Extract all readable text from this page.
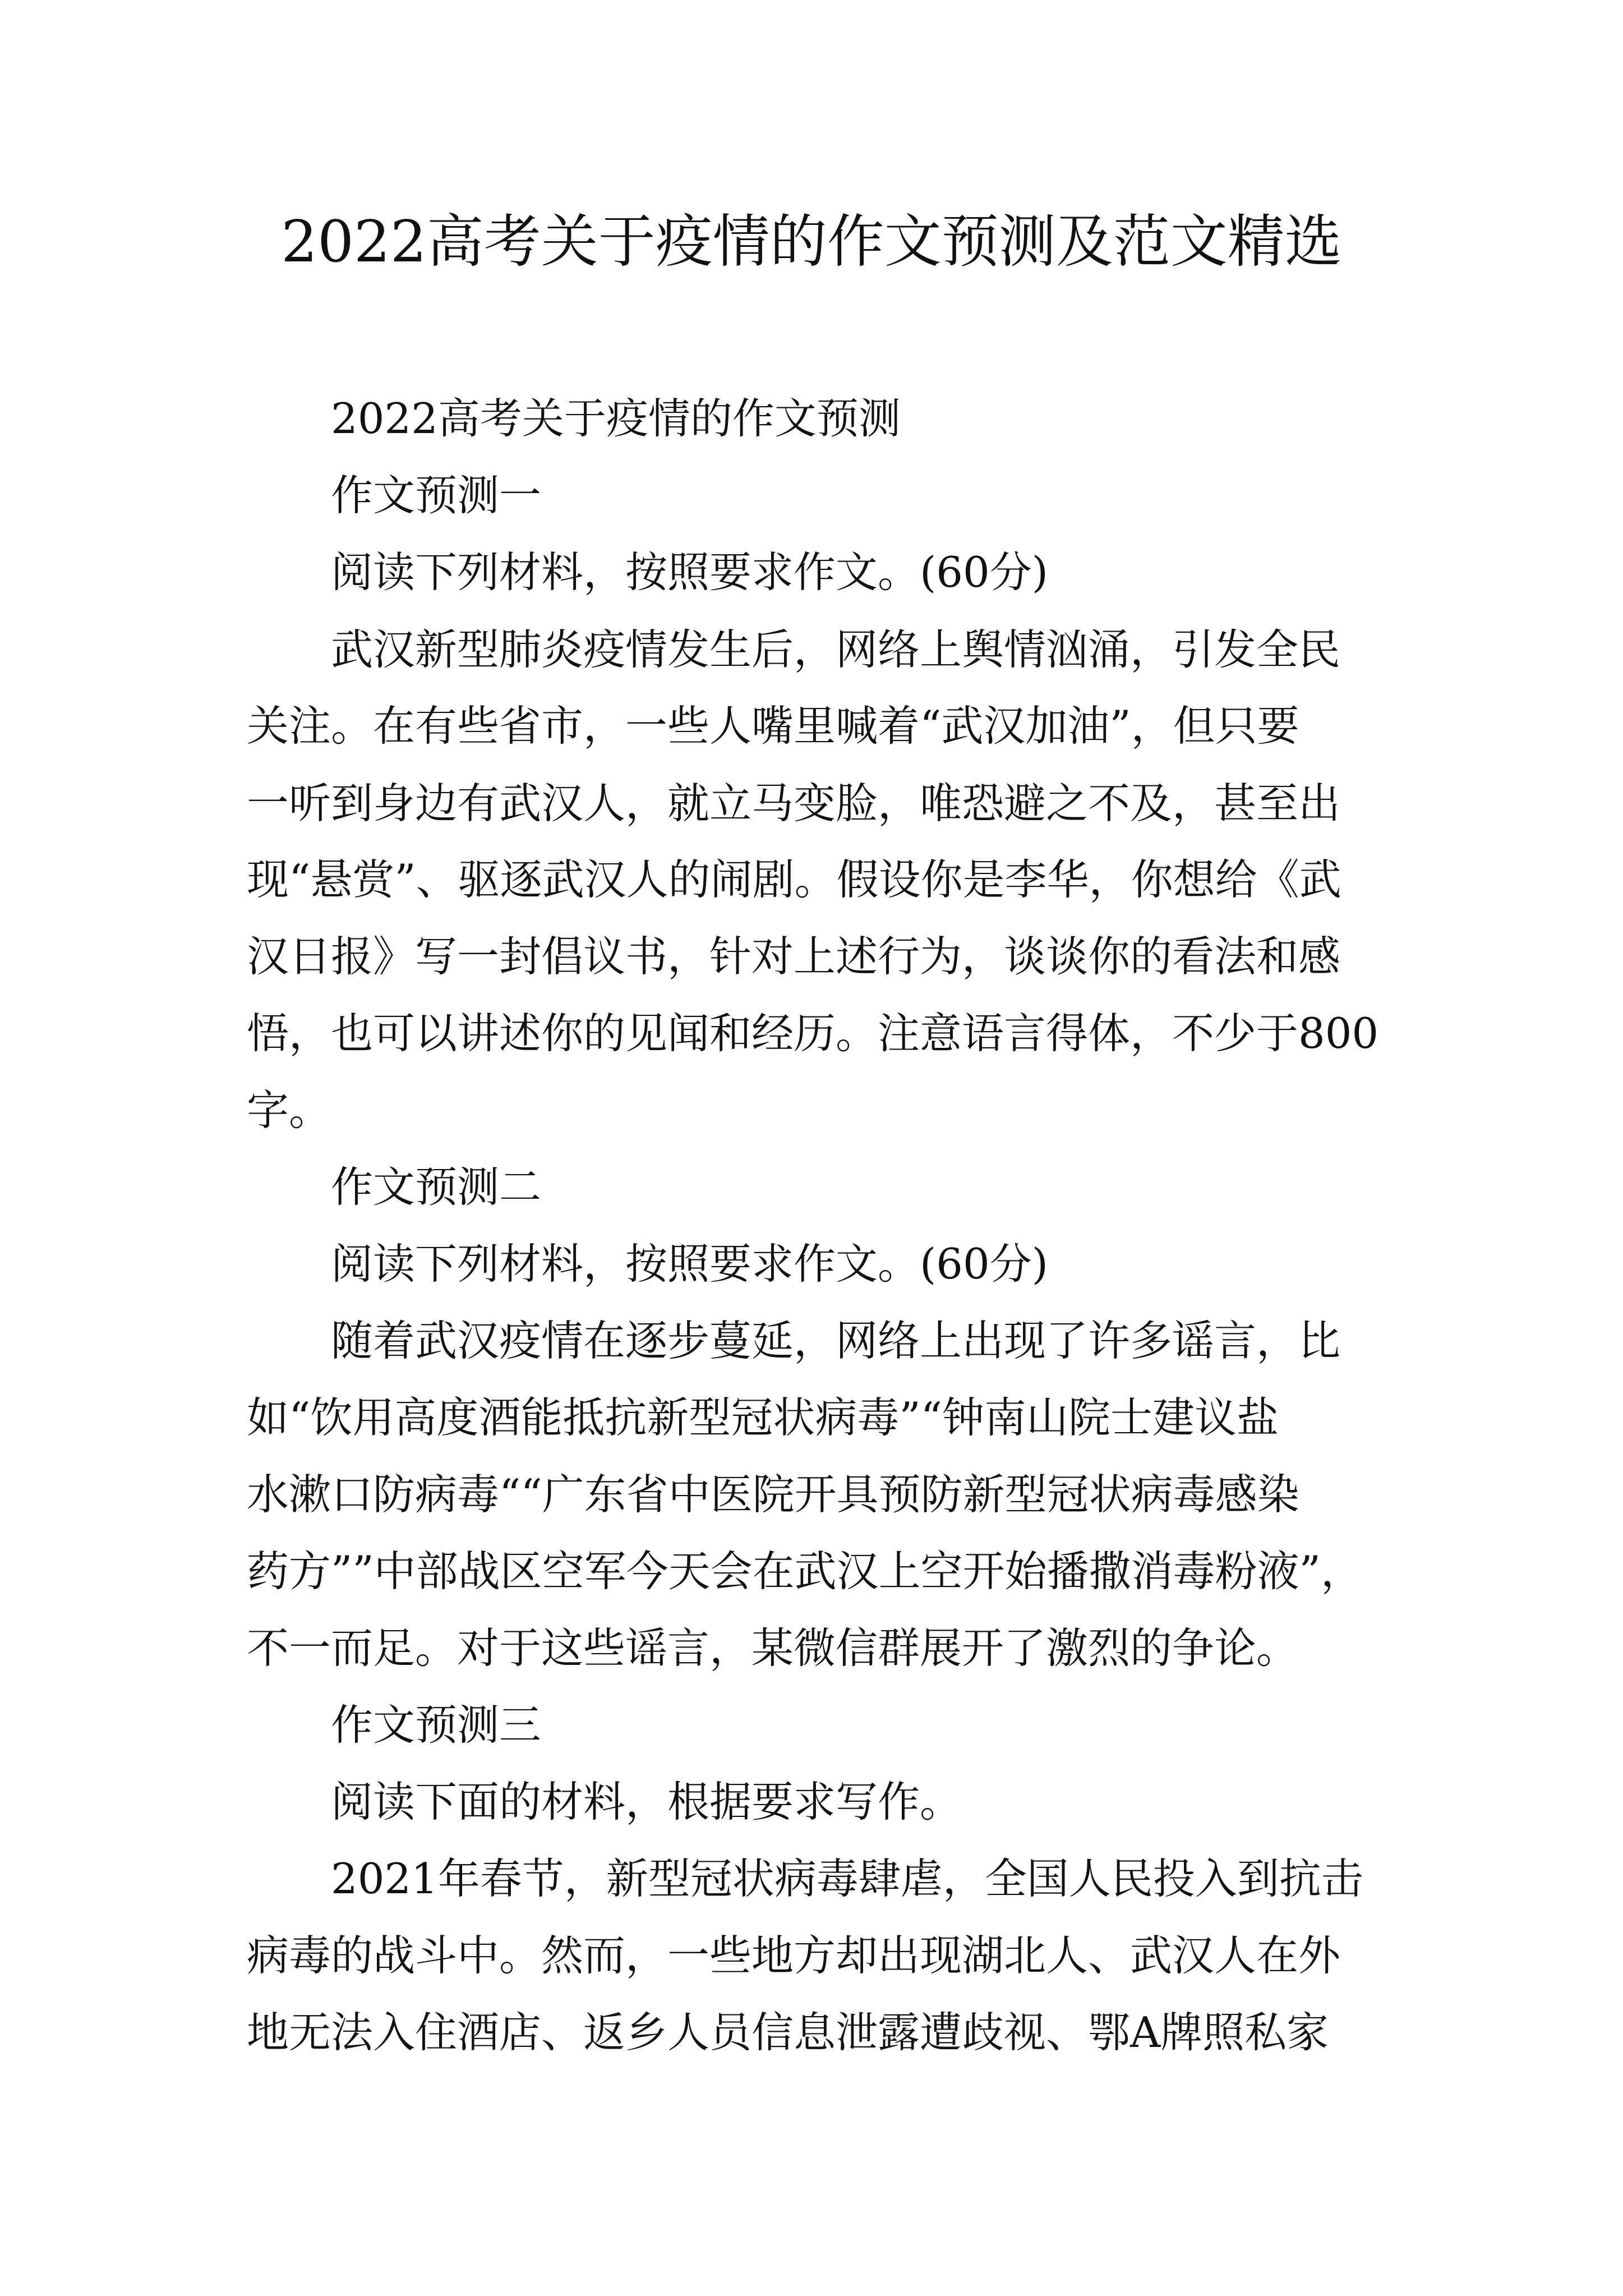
2022高考关于疫情的作文预测及范文精选

2022高考关于疫情的作文预测

作文预测一

阅读下列材料，按照要求作文。(60分)

武汉新型肺炎疫情发生后，网络上舆情汹涌，引发全民

关注。在有些省市，一些人嘴里喊着“武汉加油”，但只要

一听到身边有武汉人，就立马变脸，唯恐避之不及，甚至出

现“悬赏”、驱逐武汉人的闹剧。假设你是李华，你想给《武

汉日报》写一封倡议书，针对上述行为，谈谈你的看法和感

悟，也可以讲述你的见闻和经历。注意语言得体，不少于800

字。

作文预测二

阅读下列材料，按照要求作文。(60分)

随着武汉疫情在逐步蔓延，网络上出现了许多谣言，比

如“饮用高度酒能抵抗新型冠状病毒”“钟南山院士建议盐

水漱口防病毒““广东省中医院开具预防新型冠状病毒感染

药方””中部战区空军今天会在武汉上空开始播撒消毒粉液”，

不一而足。对于这些谣言，某微信群展开了激烈的争论。

作文预测三

阅读下面的材料，根据要求写作。

2021年春节，新型冠状病毒肆虐，全国人民投入到抗击

病毒的战斗中。然而，一些地方却出现湖北人、武汉人在外

地无法入住酒店、返乡人员信息泄露遭歧视、鄂A牌照私家
